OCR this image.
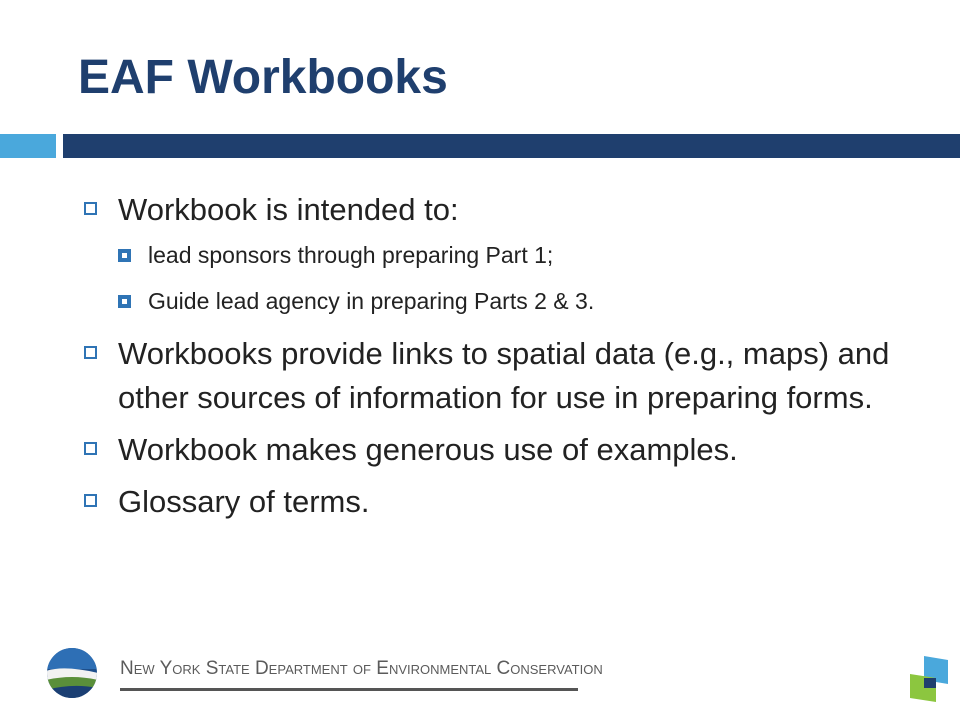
EAF Workbooks
Workbook is intended to:
lead sponsors through preparing Part 1;
Guide lead agency in preparing Parts 2 & 3.
Workbooks provide links to spatial data (e.g., maps) and other sources of information for use in preparing forms.
Workbook makes generous use of examples.
Glossary of terms.
New York State Department of Environmental Conservation
